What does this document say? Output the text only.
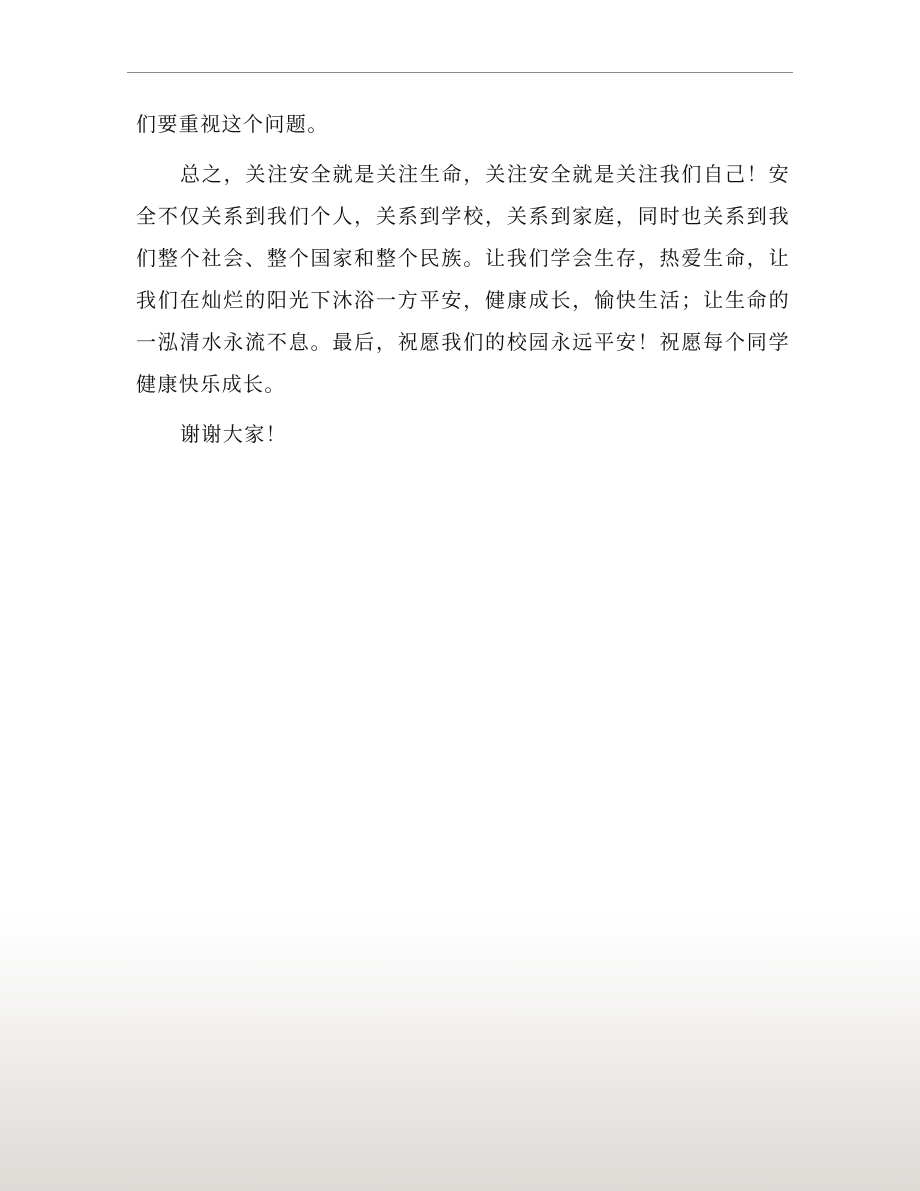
们要重视这个问题。

总之，关注安全就是关注生命，关注安全就是关注我们自己！安全不仅关系到我们个人，关系到学校，关系到家庭，同时也关系到我们整个社会、整个国家和整个民族。让我们学会生存，热爱生命，让我们在灿烂的阳光下沐浴一方平安，健康成长，愉快生活；让生命的一泓清水永流不息。最后，祝愿我们的校园永远平安！祝愿每个同学健康快乐成长。

谢谢大家！
